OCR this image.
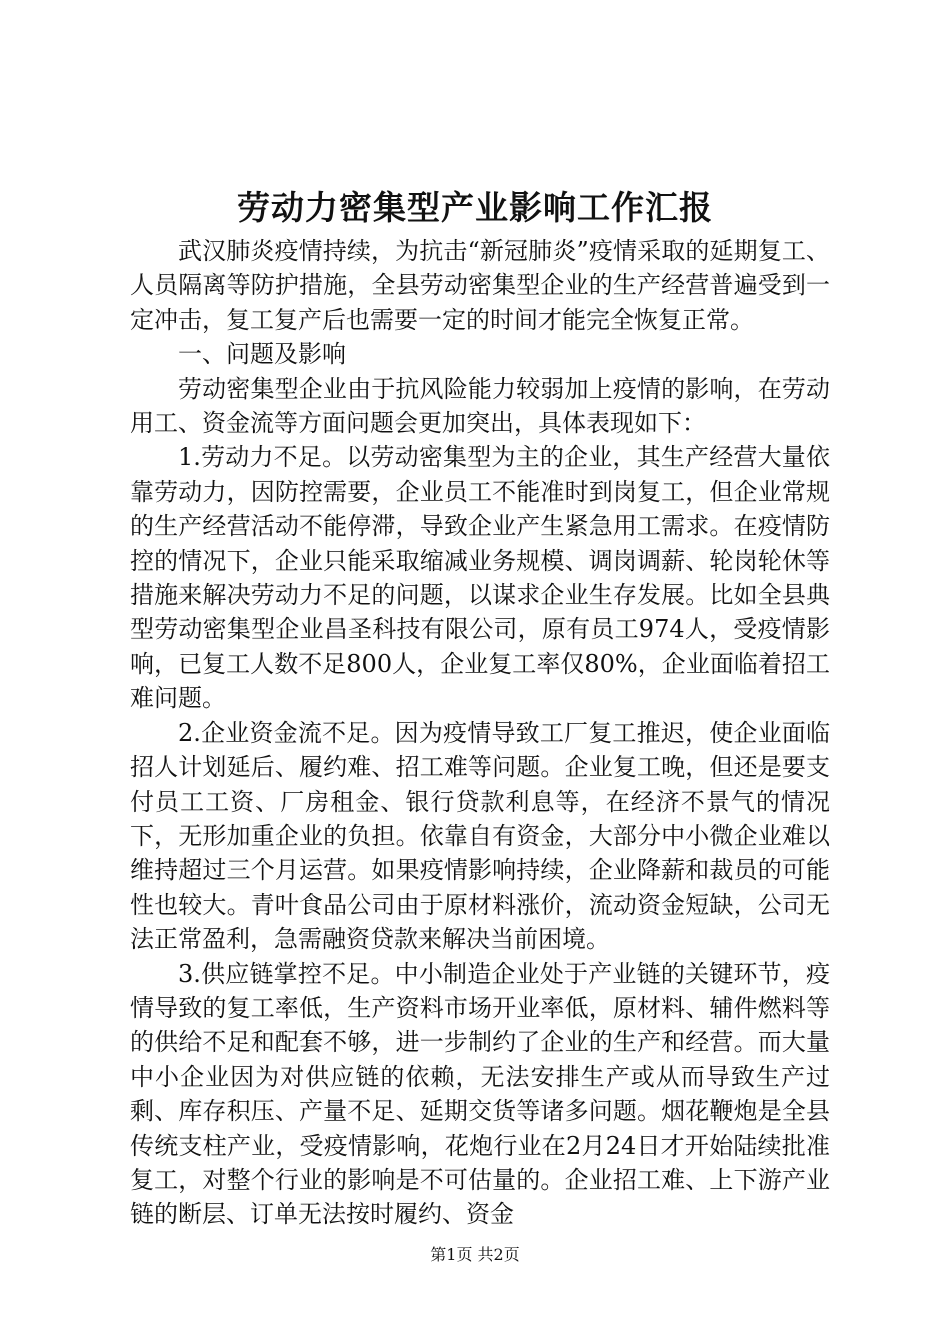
劳动力密集型产业影响工作汇报

武汉肺炎疫情持续，为抗击“新冠肺炎”疫情采取的延期复工、人员隔离等防护措施，全县劳动密集型企业的生产经营普遍受到一定冲击，复工复产后也需要一定的时间才能完全恢复正常。

一、问题及影响

劳动密集型企业由于抗风险能力较弱加上疫情的影响，在劳动用工、资金流等方面问题会更加突出，具体表现如下：

1.劳动力不足。以劳动密集型为主的企业，其生产经营大量依靠劳动力，因防控需要，企业员工不能准时到岗复工，但企业常规的生产经营活动不能停滞，导致企业产生紧急用工需求。在疫情防控的情况下，企业只能采取缩减业务规模、调岗调薪、轮岗轮休等措施来解决劳动力不足的问题，以谋求企业生存发展。比如全县典型劳动密集型企业昌圣科技有限公司，原有员工974人，受疫情影响，已复工人数不足800人，企业复工率仅80%，企业面临着招工难问题。

2.企业资金流不足。因为疫情导致工厂复工推迟，使企业面临招人计划延后、履约难、招工难等问题。企业复工晚，但还是要支付员工工资、厂房租金、银行贷款利息等，在经济不景气的情况下，无形加重企业的负担。依靠自有资金，大部分中小微企业难以维持超过三个月运营。如果疫情影响持续，企业降薪和裁员的可能性也较大。青叶食品公司由于原材料涨价，流动资金短缺，公司无法正常盈利，急需融资贷款来解决当前困境。

3.供应链掌控不足。中小制造企业处于产业链的关键环节，疫情导致的复工率低，生产资料市场开业率低，原材料、辅件燃料等的供给不足和配套不够，进一步制约了企业的生产和经营。而大量中小企业因为对供应链的依赖，无法安排生产或从而导致生产过剩、库存积压、产量不足、延期交货等诸多问题。烟花鞭炮是全县传统支柱产业，受疫情影响，花炮行业在2月24日才开始陆续批准复工，对整个行业的影响是不可估量的。企业招工难、上下游产业链的断层、订单无法按时履约、资金

第1页 共2页
